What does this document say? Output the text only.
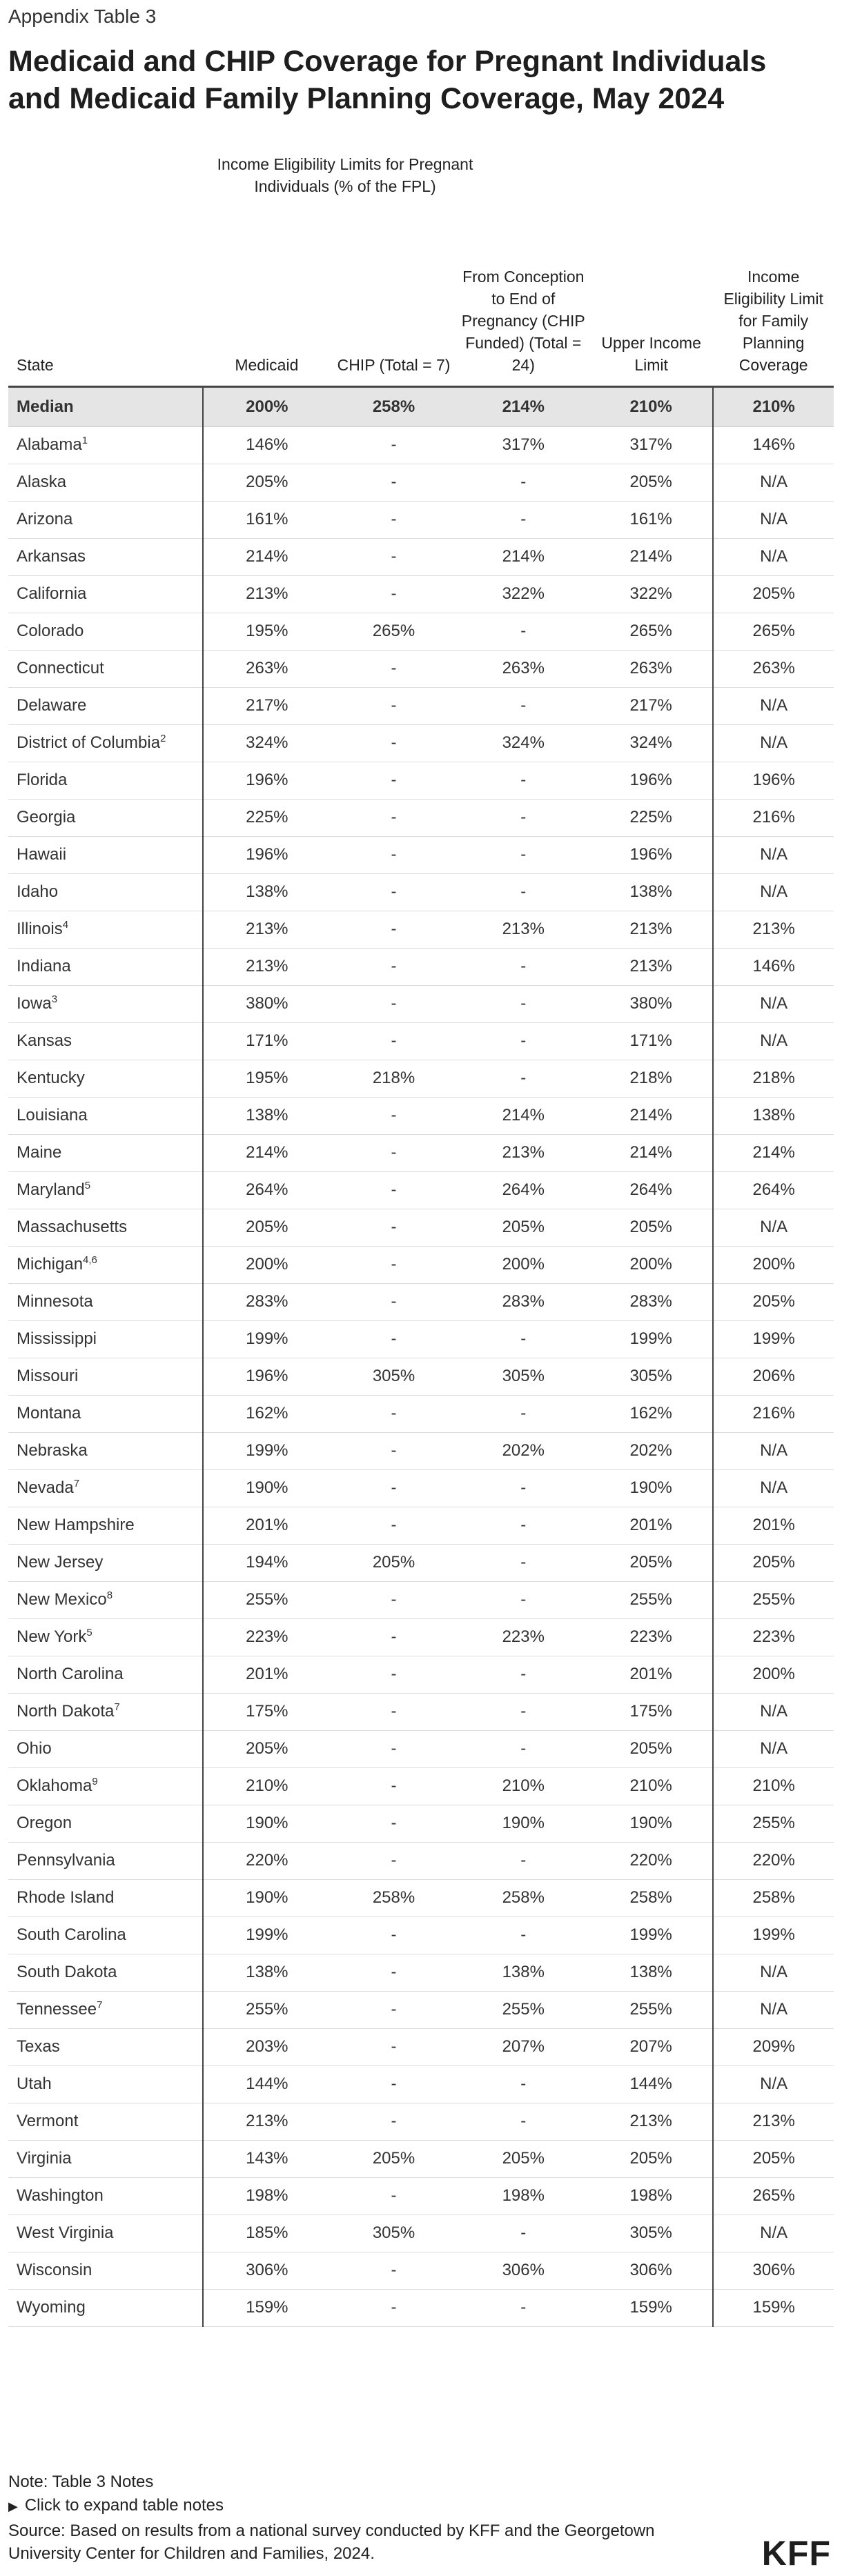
Appendix Table 3
Medicaid and CHIP Coverage for Pregnant Individuals and Medicaid Family Planning Coverage, May 2024
Income Eligibility Limits for Pregnant Individuals (% of the FPL)
State	Medicaid	CHIP (Total = 7)	From Conception to End of Pregnancy (CHIP Funded) (Total = 24)	Upper Income Limit	Income Eligibility Limit for Family Planning Coverage
Median	200%	258%	214%	210%	210%
Alabama$^1$	146%	-	317%	317%	146%
Alaska	205%	-	-	205%	N/A
Arizona	161%	-	-	161%	N/A
Arkansas	214%	-	214%	214%	N/A
California	213%	-	322%	322%	205%
Colorado	195%	265%	-	265%	265%
Connecticut	263%	-	263%	263%	263%
Delaware	217%	-	-	217%	N/A
District of Columbia$^2$	324%	-	324%	324%	N/A
Florida	196%	-	-	196%	196%
Georgia	225%	-	-	225%	216%
Hawaii	196%	-	-	196%	N/A
Idaho	138%	-	-	138%	N/A
Illinois$^4$	213%	-	213%	213%	213%
Indiana	213%	-	-	213%	146%
Iowa$^3$	380%	-	-	380%	N/A
Kansas	171%	-	-	171%	N/A
Kentucky	195%	218%	-	218%	218%
Louisiana	138%	-	214%	214%	138%
Maine	214%	-	213%	214%	214%
Maryland$^5$	264%	-	264%	264%	264%
Massachusetts	205%	-	205%	205%	N/A
Michigan$^{4,6}$	200%	-	200%	200%	200%
Minnesota	283%	-	283%	283%	205%
Mississippi	199%	-	-	199%	199%
Missouri	196%	305%	305%	305%	206%
Montana	162%	-	-	162%	216%
Nebraska	199%	-	202%	202%	N/A
Nevada$^7$	190%	-	-	190%	N/A
New Hampshire	201%	-	-	201%	201%
New Jersey	194%	205%	-	205%	205%
New Mexico$^8$	255%	-	-	255%	255%
New York$^5$	223%	-	223%	223%	223%
North Carolina	201%	-	-	201%	200%
North Dakota$^7$	175%	-	-	175%	N/A
Ohio	205%	-	-	205%	N/A
Oklahoma$^9$	210%	-	210%	210%	210%
Oregon	190%	-	190%	190%	255%
Pennsylvania	220%	-	-	220%	220%
Rhode Island	190%	258%	258%	258%	258%
South Carolina	199%	-	-	199%	199%
South Dakota	138%	-	138%	138%	N/A
Tennessee$^7$	255%	-	255%	255%	N/A
Texas	203%	-	207%	207%	209%
Utah	144%	-	-	144%	N/A
Vermont	213%	-	-	213%	213%
Virginia	143%	205%	205%	205%	205%
Washington	198%	-	198%	198%	265%
West Virginia	185%	305%	-	305%	N/A
Wisconsin	306%	-	306%	306%	306%
Wyoming	159%	-	-	159%	159%
Note: Table 3 Notes
▶ Click to expand table notes
Source: Based on results from a national survey conducted by KFF and the Georgetown University Center for Children and Families, 2024.	KFF
